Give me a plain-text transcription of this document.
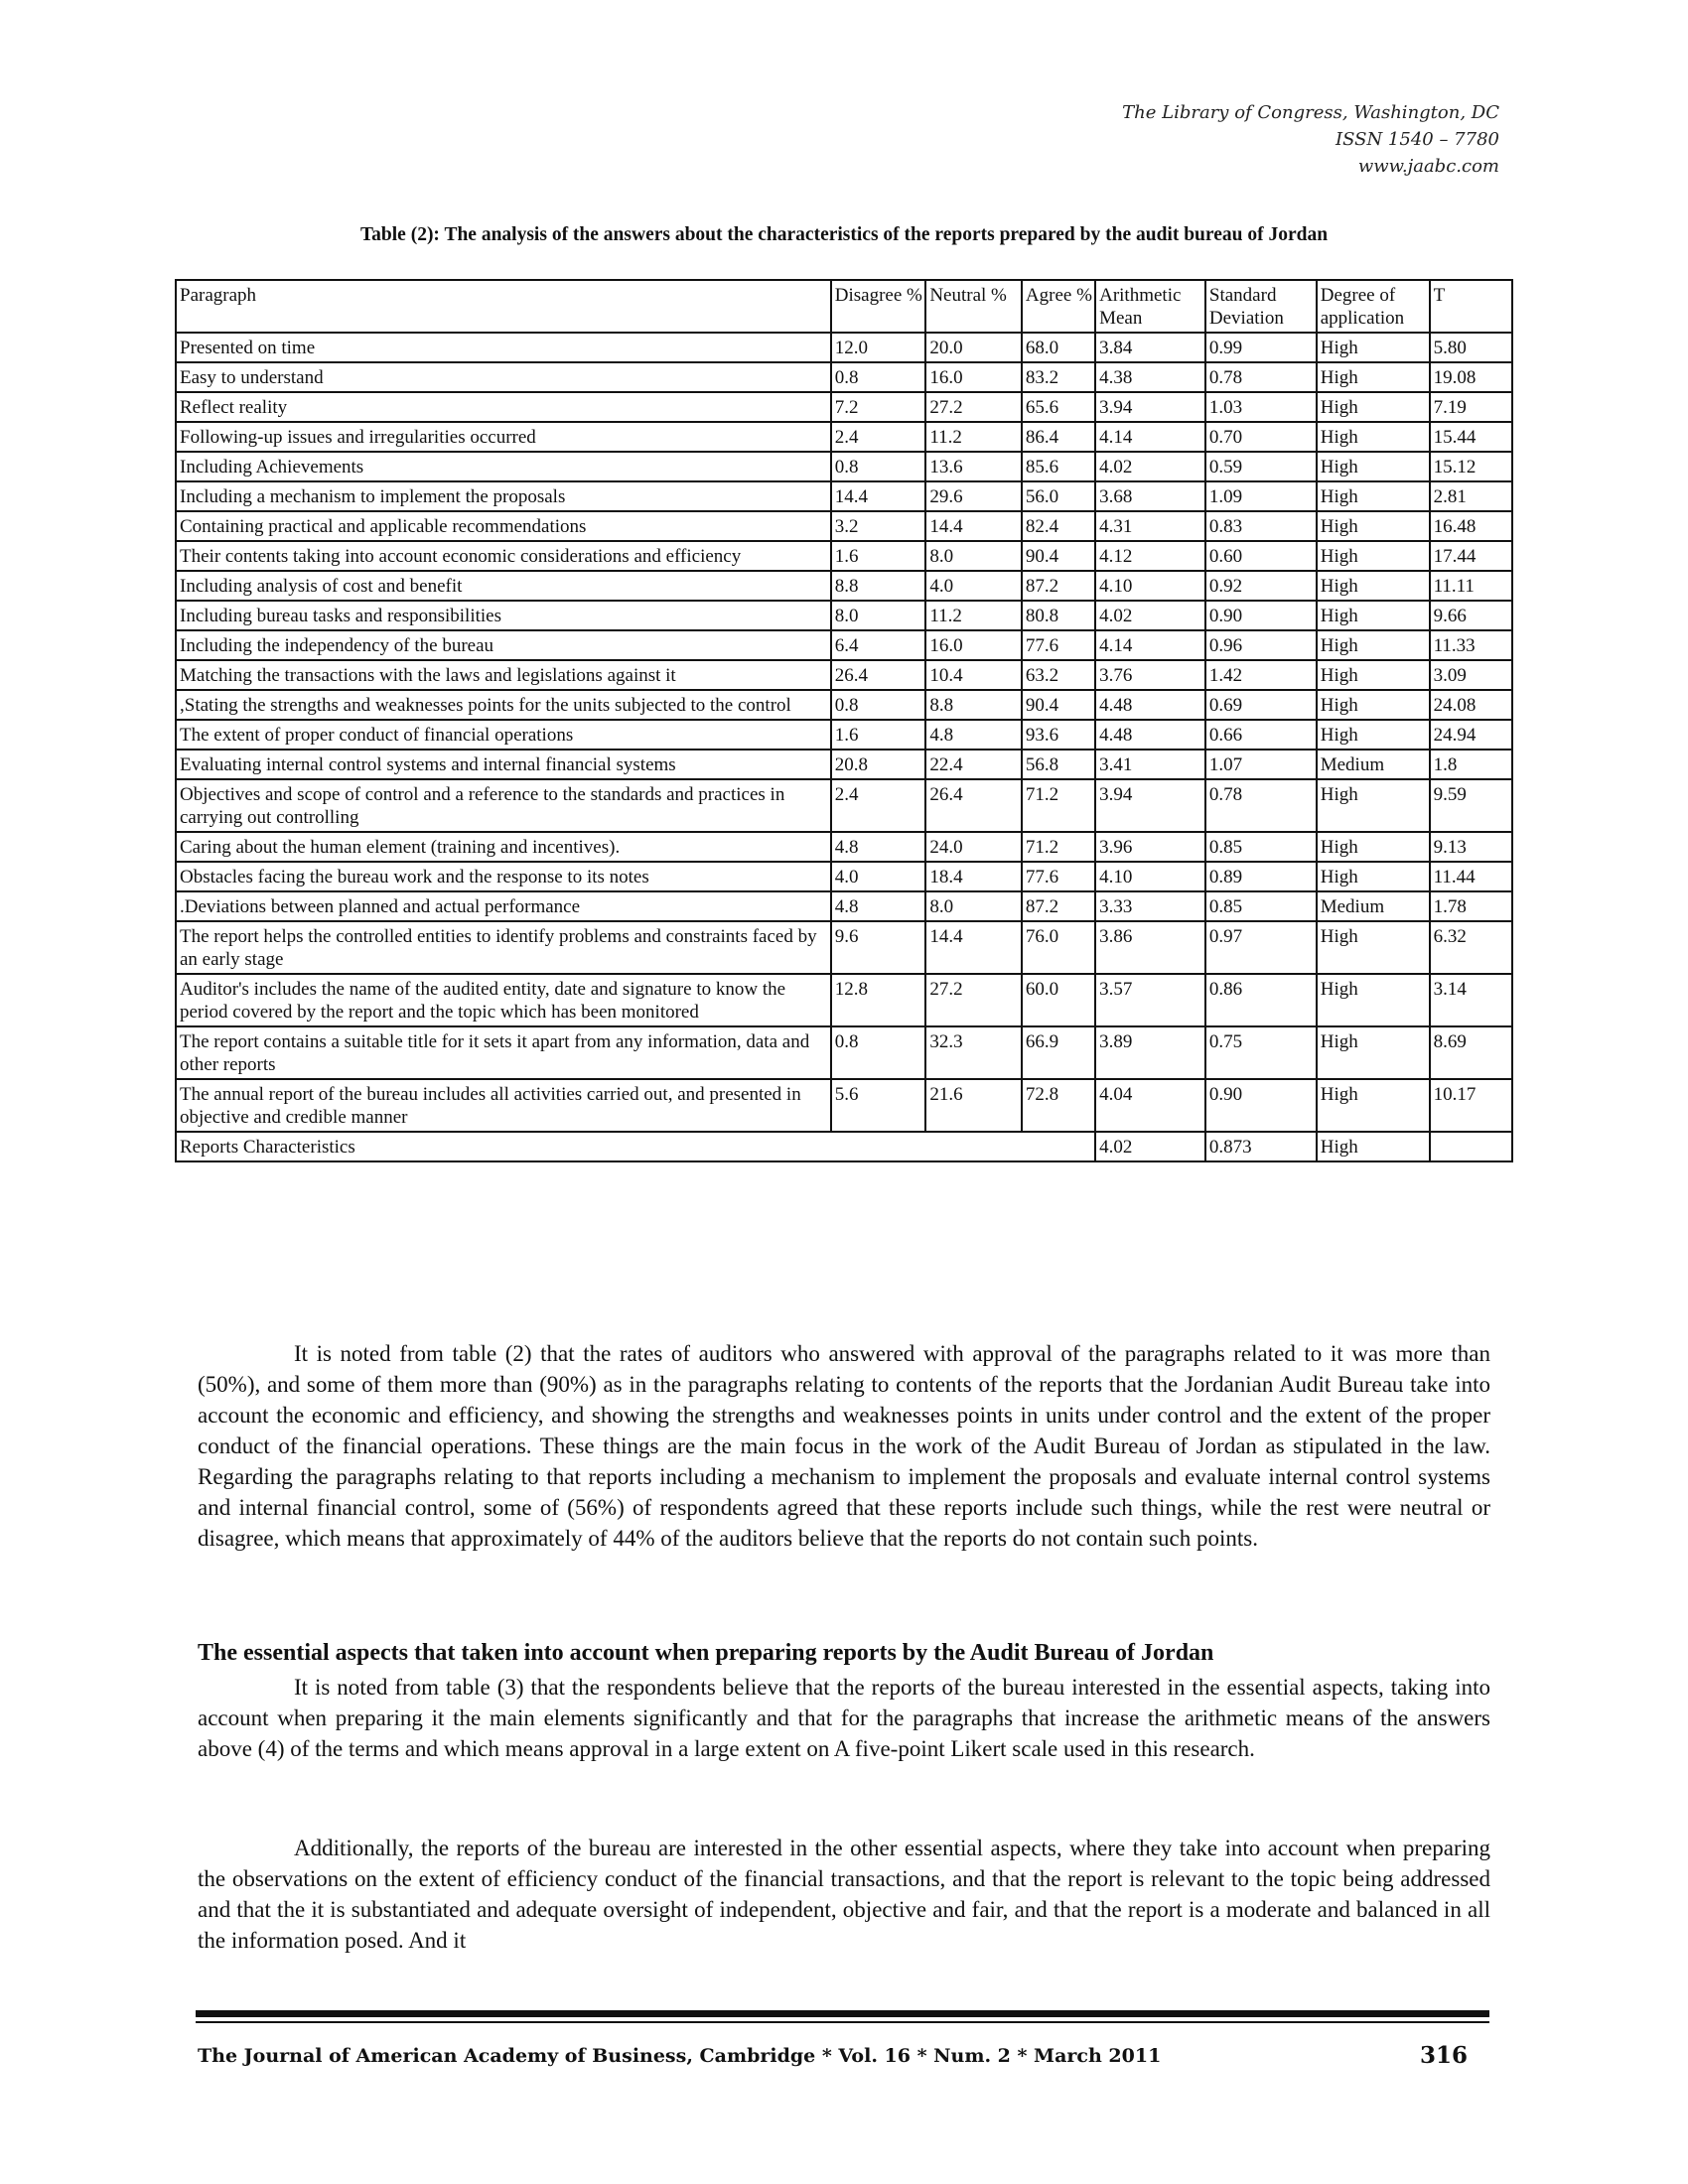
The Library of Congress, Washington, DC
ISSN 1540 – 7780
www.jaabc.com
Table (2): The analysis of the answers about the characteristics of the reports prepared by the audit bureau of Jordan
Paragraph	Disagree %	Neutral %	Agree %	Arithmetic Mean	Standard Deviation	Degree of application	T
Presented on time	12.0	20.0	68.0	3.84	0.99	High	5.80
Easy to understand	0.8	16.0	83.2	4.38	0.78	High	19.08
Reflect reality	7.2	27.2	65.6	3.94	1.03	High	7.19
Following-up issues and irregularities occurred	2.4	11.2	86.4	4.14	0.70	High	15.44
Including Achievements	0.8	13.6	85.6	4.02	0.59	High	15.12
Including a mechanism to implement the proposals	14.4	29.6	56.0	3.68	1.09	High	2.81
Containing practical and applicable recommendations	3.2	14.4	82.4	4.31	0.83	High	16.48
Their contents taking into account economic considerations and efficiency	1.6	8.0	90.4	4.12	0.60	High	17.44
Including analysis of cost and benefit	8.8	4.0	87.2	4.10	0.92	High	11.11
Including bureau tasks and responsibilities	8.0	11.2	80.8	4.02	0.90	High	9.66
Including the independency of the bureau	6.4	16.0	77.6	4.14	0.96	High	11.33
Matching the transactions with the laws and legislations against it	26.4	10.4	63.2	3.76	1.42	High	3.09
,Stating the strengths and weaknesses points for the units subjected to the control	0.8	8.8	90.4	4.48	0.69	High	24.08
The extent of proper conduct of financial operations	1.6	4.8	93.6	4.48	0.66	High	24.94
Evaluating internal control systems and internal financial systems	20.8	22.4	56.8	3.41	1.07	Medium	1.8
Objectives and scope of control and a reference to the standards and practices in carrying out controlling	2.4	26.4	71.2	3.94	0.78	High	9.59
Caring about the human element (training and incentives).	4.8	24.0	71.2	3.96	0.85	High	9.13
Obstacles facing the bureau work and the response to its notes	4.0	18.4	77.6	4.10	0.89	High	11.44
.Deviations between planned and actual performance	4.8	8.0	87.2	3.33	0.85	Medium	1.78
The report helps the controlled entities to identify problems and constraints faced by an early stage	9.6	14.4	76.0	3.86	0.97	High	6.32
Auditor's includes the name of the audited entity, date and signature to know the period covered by the report and the topic which has been monitored	12.8	27.2	60.0	3.57	0.86	High	3.14
The report contains a suitable title for it sets it apart from any information, data and other reports	0.8	32.3	66.9	3.89	0.75	High	8.69
The annual report of the bureau includes all activities carried out, and presented in objective and credible manner	5.6	21.6	72.8	4.04	0.90	High	10.17
Reports Characteristics				4.02	0.873	High	

It is noted from table (2) that the rates of auditors who answered with approval of the paragraphs related to it was more than (50%), and some of them more than (90%) as in the paragraphs relating to contents of the reports that the Jordanian Audit Bureau take into account the economic and efficiency, and showing the strengths and weaknesses points in units under control and the extent of the proper conduct of the financial operations. These things are the main focus in the work of the Audit Bureau of Jordan as stipulated in the law. Regarding the paragraphs relating to that reports including a mechanism to implement the proposals and evaluate internal control systems and internal financial control, some of (56%) of respondents agreed that these reports include such things, while the rest were neutral or disagree, which means that approximately of 44% of the auditors believe that the reports do not contain such points.

The essential aspects that taken into account when preparing reports by the Audit Bureau of Jordan

It is noted from table (3) that the respondents believe that the reports of the bureau interested in the essential aspects, taking into account when preparing it the main elements significantly and that for the paragraphs that increase the arithmetic means of the answers above (4) of the terms and which means approval in a large extent on A five-point Likert scale used in this research.

Additionally, the reports of the bureau are interested in the other essential aspects, where they take into account when preparing the observations on the extent of efficiency conduct of the financial transactions, and that the report is relevant to the topic being addressed and that the it is substantiated and adequate oversight of independent, objective and fair, and that the report is a moderate and balanced in all the information posed. And it

The Journal of American Academy of Business, Cambridge * Vol. 16 * Num. 2 * March 2011	316
